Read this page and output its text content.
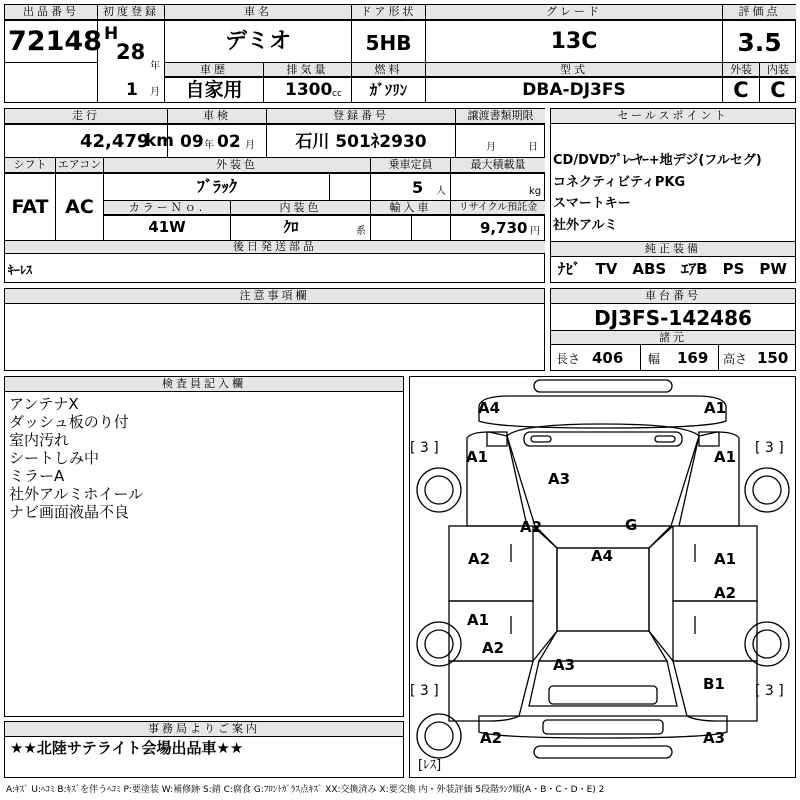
出品番号
72148
初度登録
H
28
年
1 月
車名
デミオ
ドア形状
5HB
グレード
13C
評価点
3.5
車歴
自家用
排気量
1300 cc
燃料
ｶﾞｿﾘﾝ
型式
DBA-DJ3FS
外装	内装
C	C
走行
42,479
km
車検
09 年 02 月
登録番号
石川 501ﾈ2930
譲渡書類期限
月	日
シフト
FAT
エアコン
AC
外装色
ﾌﾞﾗｯｸ
乗車定員
5 人
最大積載量
kg
カラーＮｏ.
41W
内装色
ｸﾛ	系
輸入車	リサイクル預託金
9,730 円
後日発送部品
ｷｰﾚｽ
セールスポイント
CD/DVDﾌﾟﾚｰﾔｰ+地デジ(フルセグ)
コネクティビティPKG
スマートキー
社外アルミ
純正装備
ﾅﾋﾞ　TV　ABS　ｴｱB　PS　PW
注意事項欄	車台番号
DJ3FS-142486
諸元
長さ 406 幅 169 高さ 150
検査員記入欄
アンテナX
ダッシュ板のり付
室内汚れ
シートしみ中
ミラーA
社外アルミホイール
ナビ画面液晶不良
事務局よりご案内
★★北陸サテライト会場出品車★★
A4	A1
A1	A1
A3
A2	G
A4
A2	A1
A2
A1
A2
A3
B1
A2	A3
[ 3 ]	[ 3 ]
[ 3 ]	[ 3 ]
[ﾚｽ]
A:ｷｽﾞ U:ﾍｺﾐ B:ｷｽﾞを伴うﾍｺﾐ P:要塗装 W:補修跡 S:錆 C:腐食 G:ﾌﾛﾝﾄｶﾞﾗｽ点ｷｽﾞ XX:交換済み X:要交換 内・外装評価 5段階ﾗﾝｸ順(A・B・C・D・E) 2
